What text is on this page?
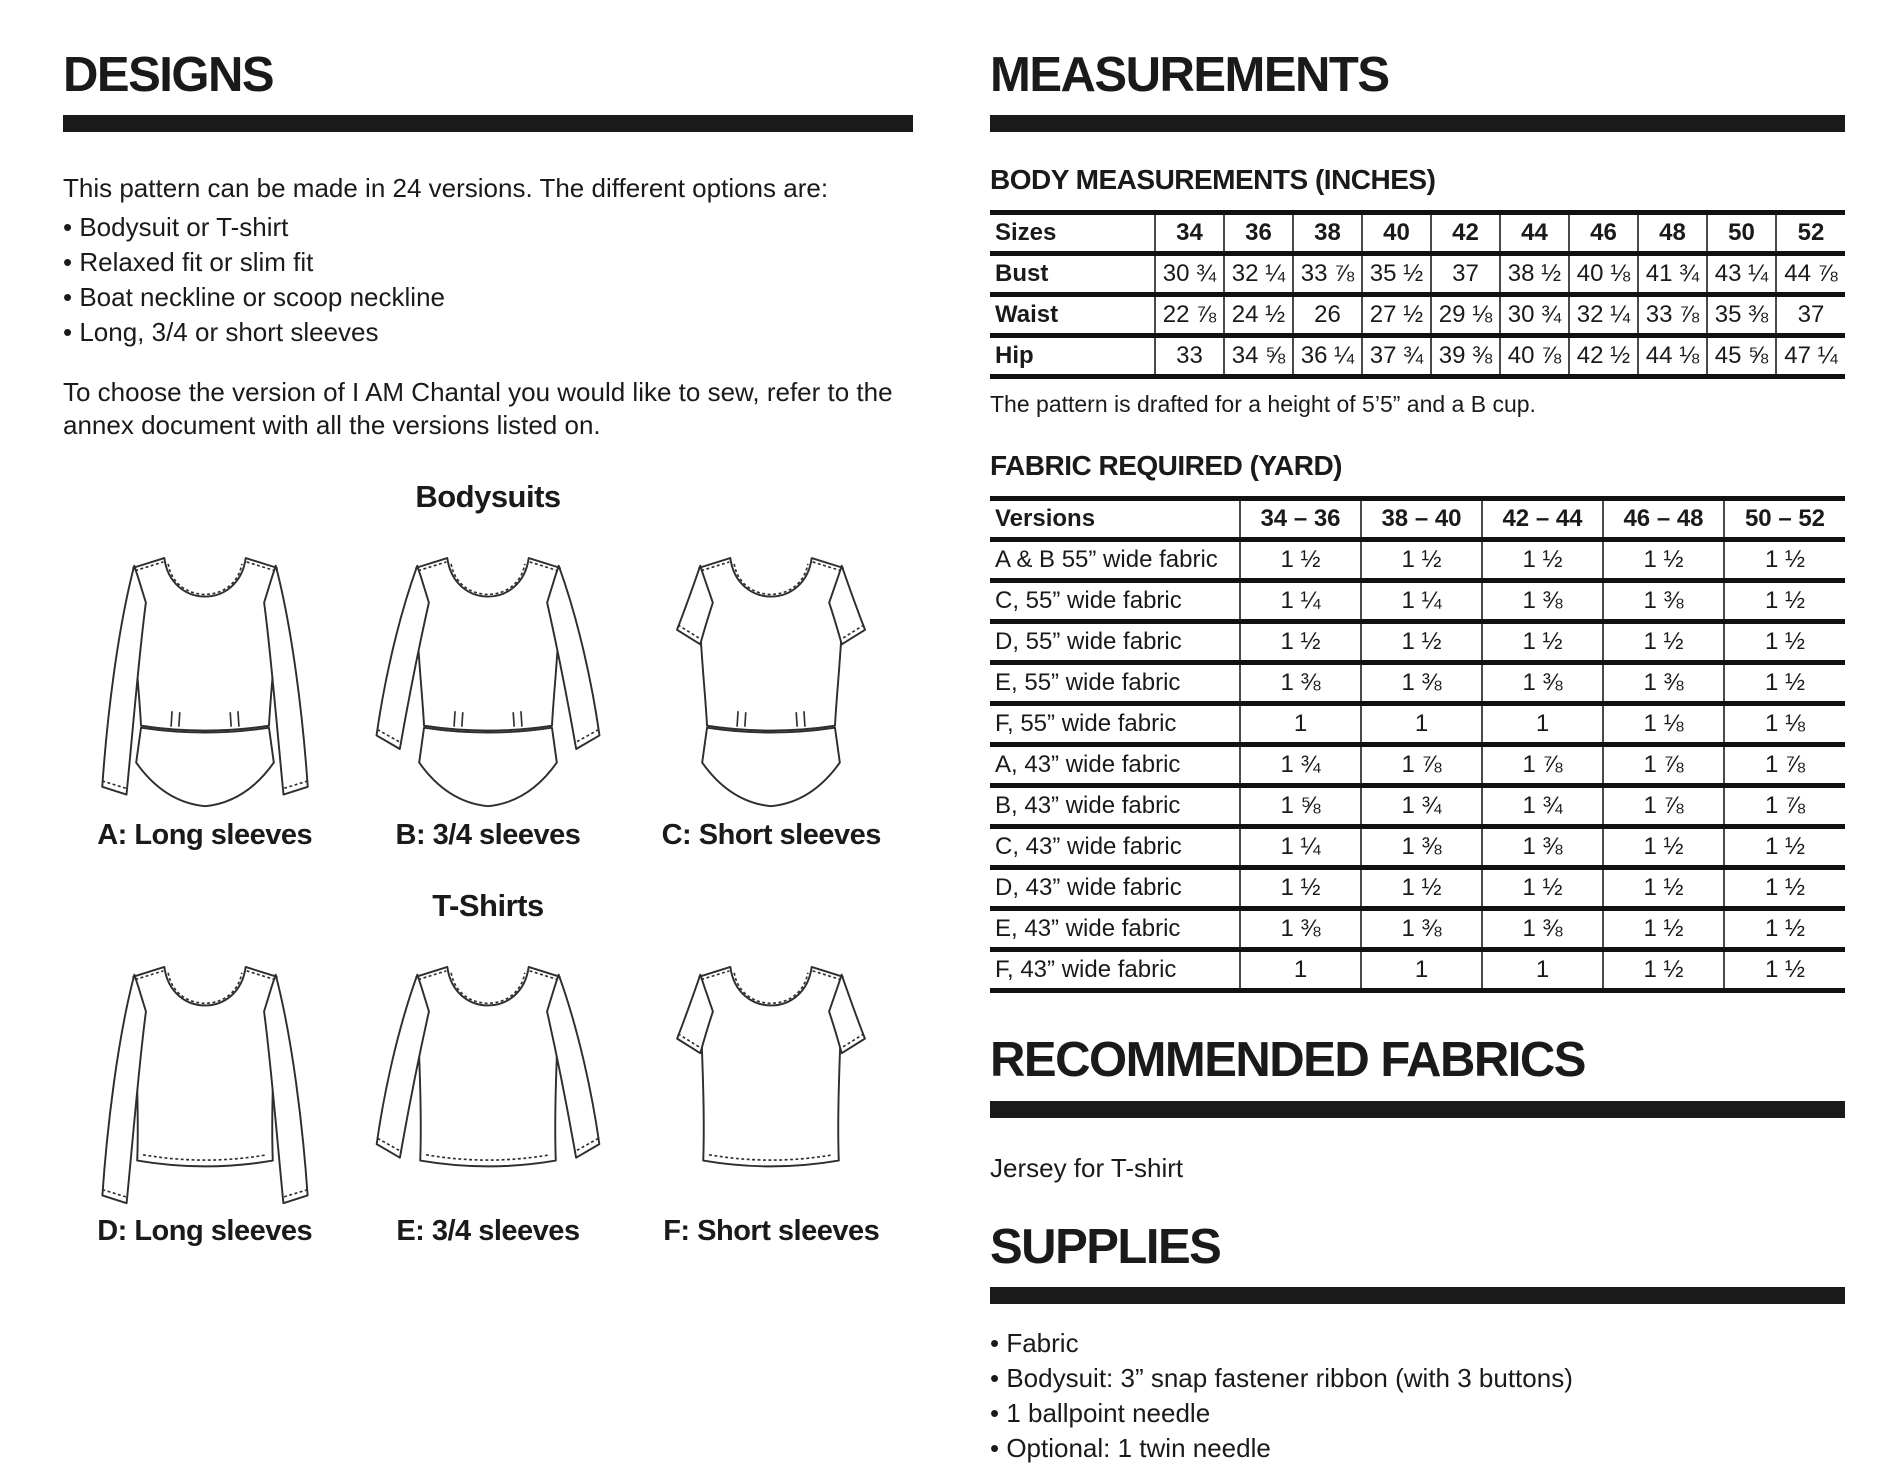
DESIGNS

This pattern can be made in 24 versions. The different options are:

• Bodysuit or T-shirt
• Relaxed fit or slim fit
• Boat neckline or scoop neckline
• Long, 3/4 or short sleeves

To choose the version of I AM Chantal you would like to sew, refer to the annex document with all the versions listed on.

Bodysuits
A: Long sleeves	B: 3/4 sleeves	C: Short sleeves
T-Shirts
D: Long sleeves	E: 3/4 sleeves	F: Short sleeves
MEASUREMENTS
BODY MEASUREMENTS (INCHES)
Sizes	34	36	38	40	42	44	46	48	50	52
Bust	30 ¾	32 ¼	33 ⅞	35 ½	37	38 ½	40 ⅛	41 ¾	43 ¼	44 ⅞
Waist	22 ⅞	24 ½	26	27 ½	29 ⅛	30 ¾	32 ¼	33 ⅞	35 ⅜	37
Hip	33	34 ⅝	36 ¼	37 ¾	39 ⅜	40 ⅞	42 ½	44 ⅛	45 ⅝	47 ¼

The pattern is drafted for a height of 5’5” and a B cup.

FABRIC REQUIRED (YARD)
Versions	34 – 36	38 – 40	42 – 44	46 – 48	50 – 52
A & B 55” wide fabric	1 ½	1 ½	1 ½	1 ½	1 ½
C, 55” wide fabric	1 ¼	1 ¼	1 ⅜	1 ⅜	1 ½
D, 55” wide fabric	1 ½	1 ½	1 ½	1 ½	1 ½
E, 55” wide fabric	1 ⅜	1 ⅜	1 ⅜	1 ⅜	1 ½
F, 55” wide fabric	1	1	1	1 ⅛	1 ⅛
A, 43” wide fabric	1 ¾	1 ⅞	1 ⅞	1 ⅞	1 ⅞
B, 43” wide fabric	1 ⅝	1 ¾	1 ¾	1 ⅞	1 ⅞
C, 43” wide fabric	1 ¼	1 ⅜	1 ⅜	1 ½	1 ½
D, 43” wide fabric	1 ½	1 ½	1 ½	1 ½	1 ½
E, 43” wide fabric	1 ⅜	1 ⅜	1 ⅜	1 ½	1 ½
F, 43” wide fabric	1	1	1	1 ½	1 ½
RECOMMENDED FABRICS

Jersey for T-shirt

SUPPLIES
• Fabric
• Bodysuit: 3” snap fastener ribbon (with 3 buttons)
• 1 ballpoint needle
• Optional: 1 twin needle
